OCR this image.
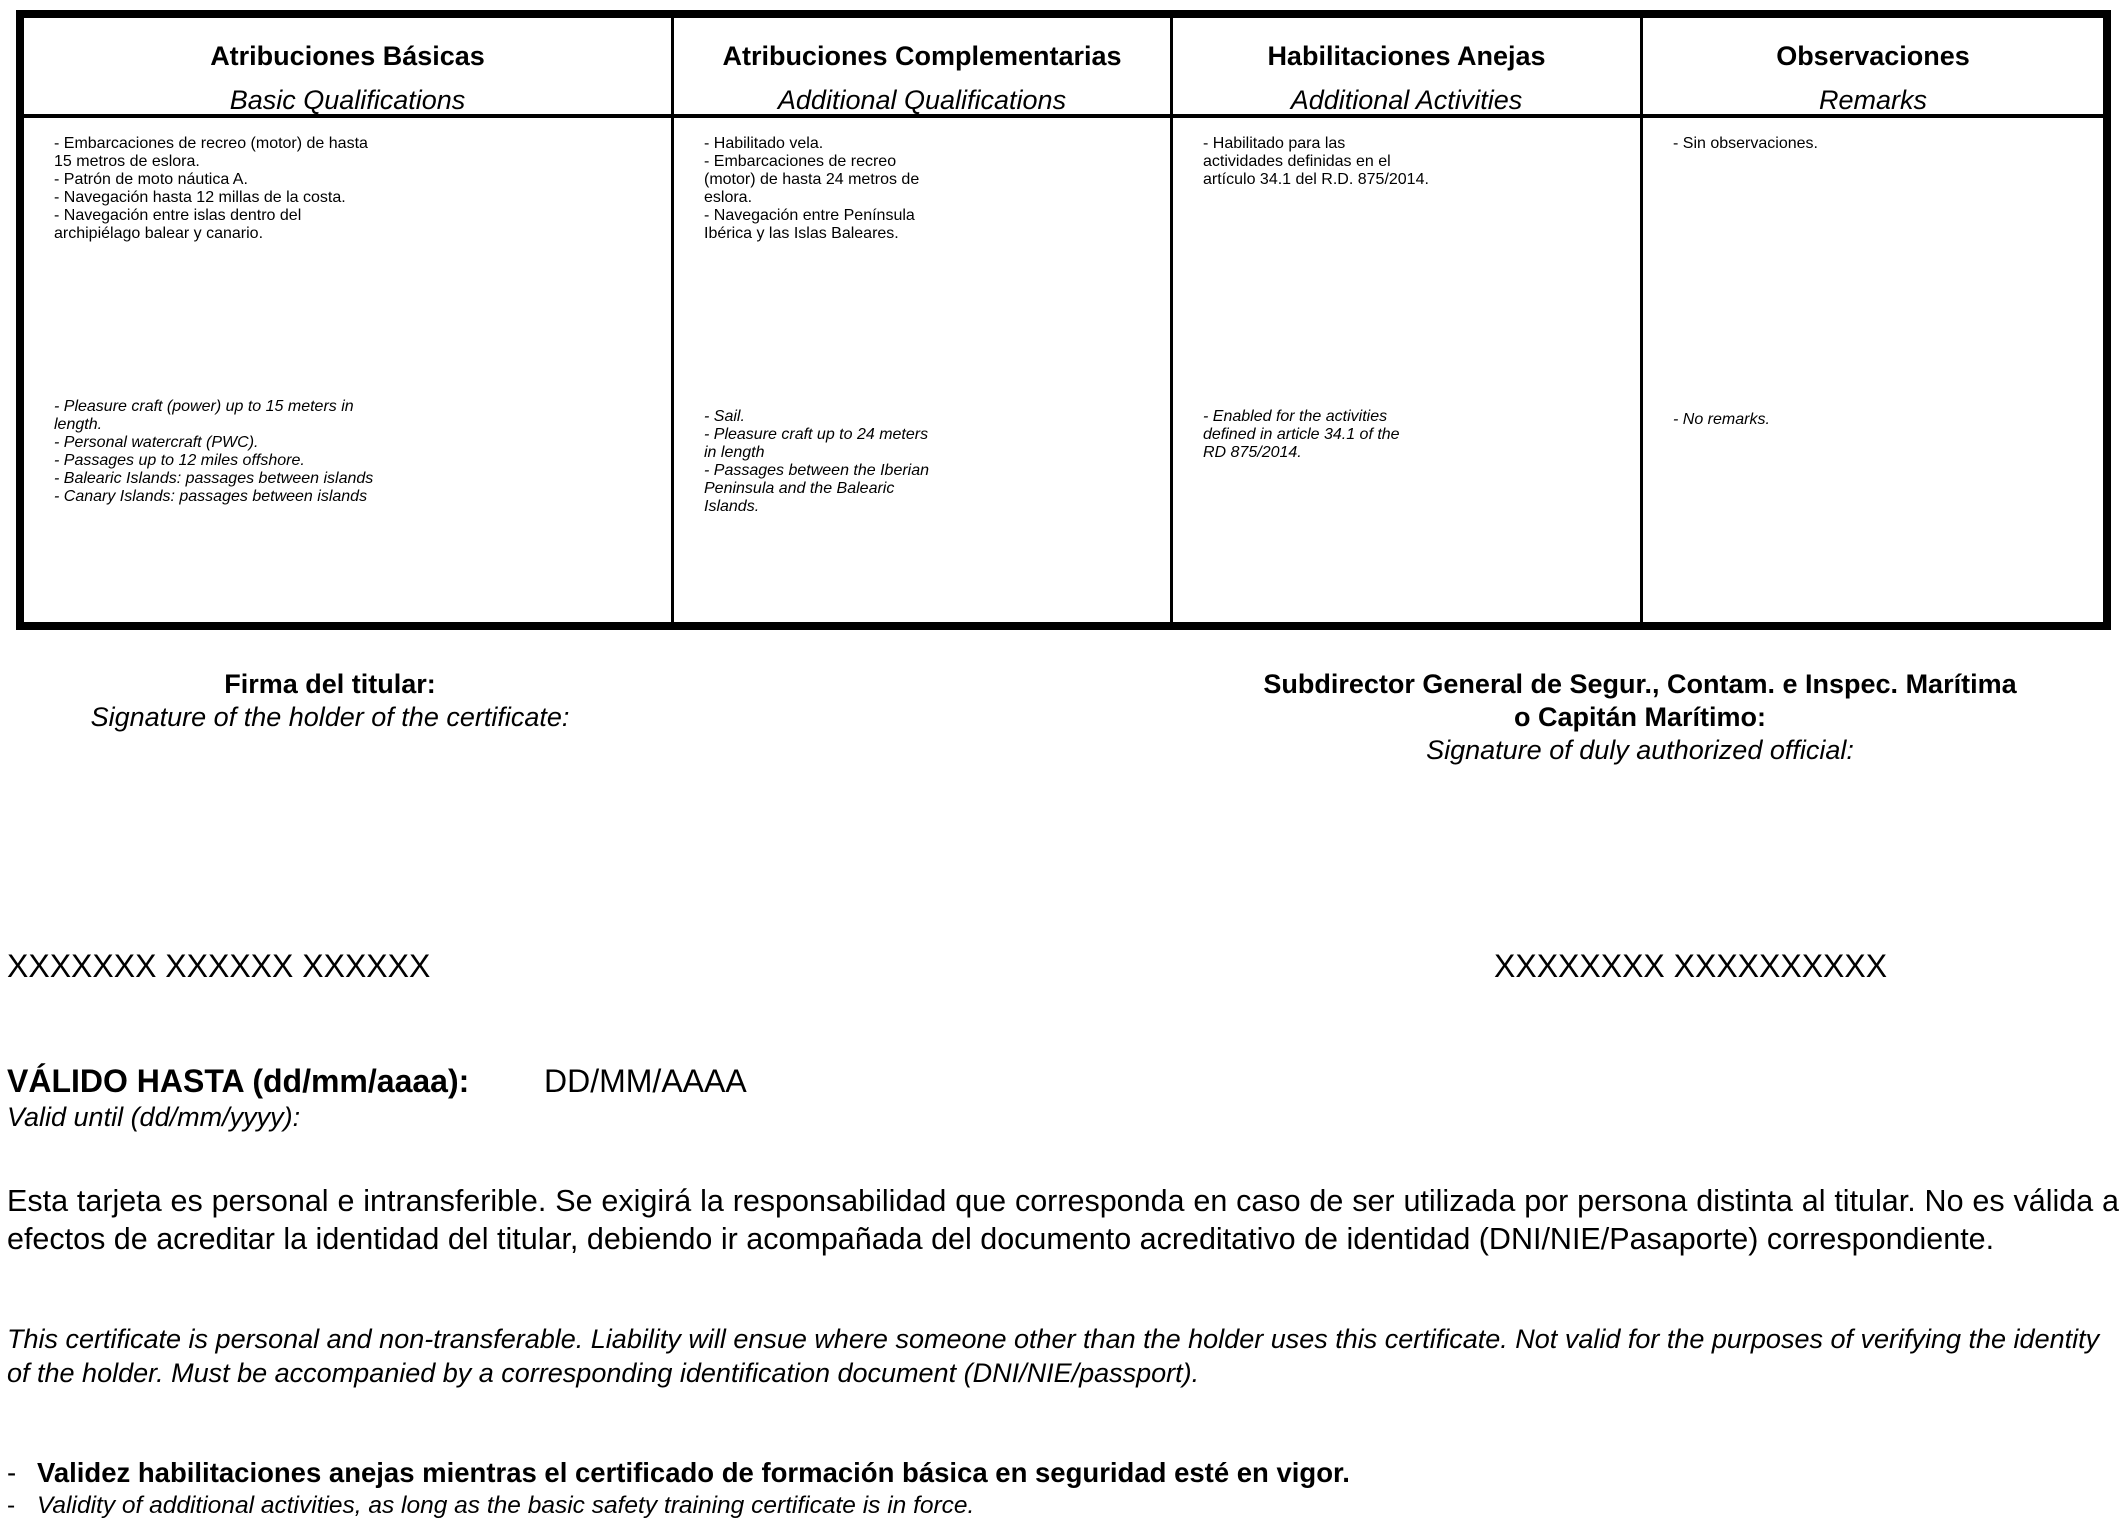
Atribuciones Básicas
Basic Qualifications
- Embarcaciones de recreo (motor) de hasta
15 metros de eslora.
- Patrón de moto náutica A.
- Navegación hasta 12 millas de la costa.
- Navegación entre islas dentro del
archipiélago balear y canario.
- Pleasure craft (power) up to 15 meters in
length.
- Personal watercraft (PWC).
- Passages up to 12 miles offshore.
- Balearic Islands: passages between islands
- Canary Islands: passages between islands
Atribuciones Complementarias
Additional Qualifications
- Habilitado vela.
- Embarcaciones de recreo
(motor) de hasta 24 metros de
eslora.
- Navegación entre Península
Ibérica y las Islas Baleares.
- Sail.
- Pleasure craft up to 24 meters
in length
- Passages between the Iberian
Peninsula and the Balearic
Islands.
Habilitaciones Anejas
Additional Activities
- Habilitado para las
actividades definidas en el
artículo 34.1 del R.D. 875/2014.
- Enabled for the activities
defined in article 34.1 of the
RD 875/2014.
Observaciones
Remarks
- Sin observaciones.
- No remarks.
Firma del titular:
Signature of the holder of the certificate:
Subdirector General de Segur., Contam. e Inspec. Marítima
o Capitán Marítimo:
Signature of duly authorized official:
XXXXXXX XXXXXX XXXXXX	XXXXXXXX XXXXXXXXXX
VÁLIDO HASTA (dd/mm/aaaa): DD/MM/AAAA
Valid until (dd/mm/yyyy):
Esta tarjeta es personal e intransferible. Se exigirá la responsabilidad que corresponda en caso de ser utilizada por persona distinta al titular. No es válida a efectos de acreditar la identidad del titular, debiendo ir acompañada del documento acreditativo de identidad (DNI/NIE/Pasaporte) correspondiente.
This certificate is personal and non-transferable. Liability will ensue where someone other than the holder uses this certificate. Not valid for the purposes of verifying the identity of the holder. Must be accompanied by a corresponding identification document (DNI/NIE/passport).
- Validez habilitaciones anejas mientras el certificado de formación básica en seguridad esté en vigor.
- Validity of additional activities, as long as the basic safety training certificate is in force.
